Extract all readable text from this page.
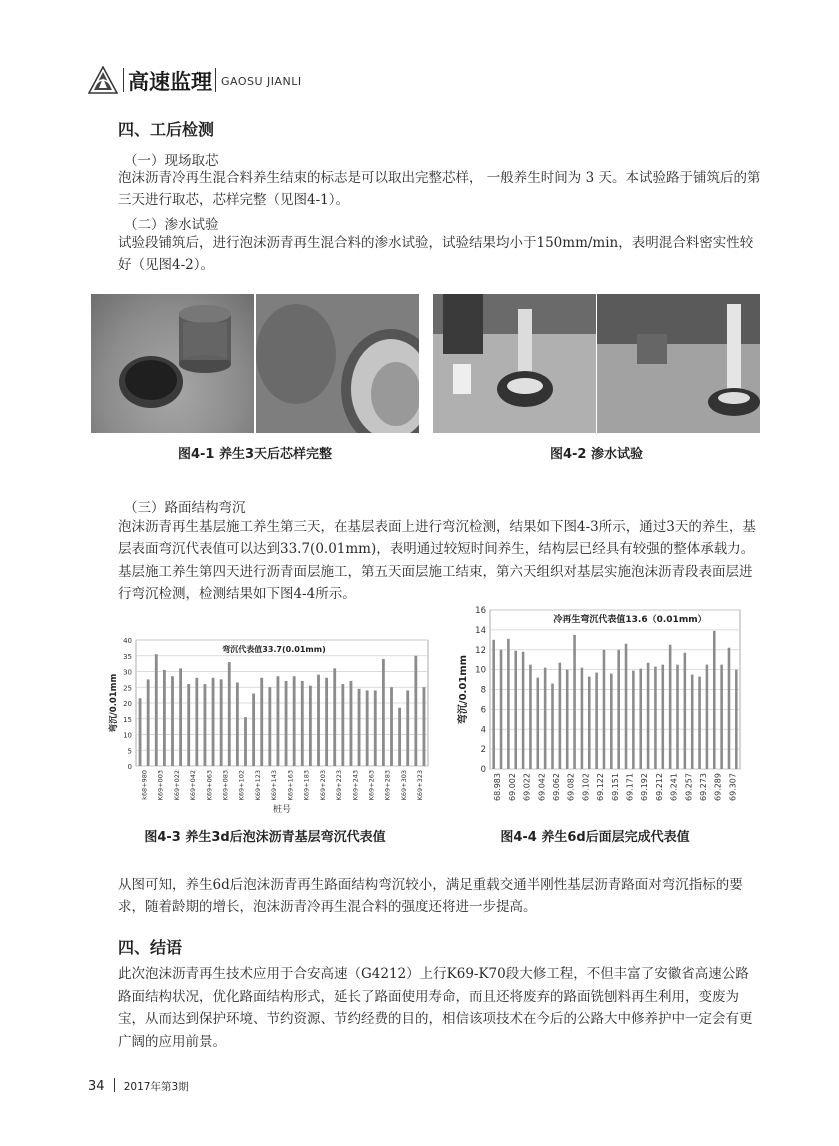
高速监理 GAOSU JIANLI
四、工后检测
（一）现场取芯
泡沫沥青冷再生混合料养生结束的标志是可以取出完整芯样， 一般养生时间为 3 天。本试验路于铺筑后的第三天进行取芯，芯样完整（见图4-1）。
（二）渗水试验
试验段铺筑后，进行泡沫沥青再生混合料的渗水试验，试验结果均小于150mm/min，表明混合料密实性较好（见图4-2）。
图4-1 养生3天后芯样完整	图4-2 渗水试验
（三）路面结构弯沉
泡沫沥青再生基层施工养生第三天，在基层表面上进行弯沉检测，结果如下图4-3所示，通过3天的养生，基层表面弯沉代表值可以达到33.7(0.01mm)，表明通过较短时间养生，结构层已经具有较强的整体承载力。
基层施工养生第四天进行沥青面层施工，第五天面层施工结束，第六天组织对基层实施泡沫沥青段表面层进行弯沉检测，检测结果如下图4-4所示。
0
5
10
15
20
25
30
35
40
k68+980 K69+003 K69+022 K69+042 K69+063 K69+083 K69+102 K69+123 K69+143 K69+163 K69+183 K69+203 K69+223 K69+243 K69+263 K69+283 K69+303 K69+323
弯沉代表值33.7(0.01mm)
弯沉/0.01mm
桩号
0
2
4
6
8
10
12
14
16
68.983 69.002 69.022 69.042 69.062 69.082 69.102 69.122 69.151 69.171 69.192 69.212 69.241 69.257 69.273 69.289 69.307
冷再生弯沉代表值13.6（0.01mm）
弯沉/0.01mm
图4-3 养生3d后泡沫沥青基层弯沉代表值	图4-4 养生6d后面层完成代表值
从图可知，养生6d后泡沫沥青再生路面结构弯沉较小，满足重载交通半刚性基层沥青路面对弯沉指标的要求，随着龄期的增长，泡沫沥青冷再生混合料的强度还将进一步提高。
四、结语
此次泡沫沥青再生技术应用于合安高速（G4212）上行K69-K70段大修工程，不但丰富了安徽省高速公路路面结构状况，优化路面结构形式，延长了路面使用寿命，而且还将废弃的路面铣刨料再生利用，变废为宝，从而达到保护环境、节约资源、节约经费的目的，相信该项技术在今后的公路大中修养护中一定会有更广阔的应用前景。
34 2017年第3期
